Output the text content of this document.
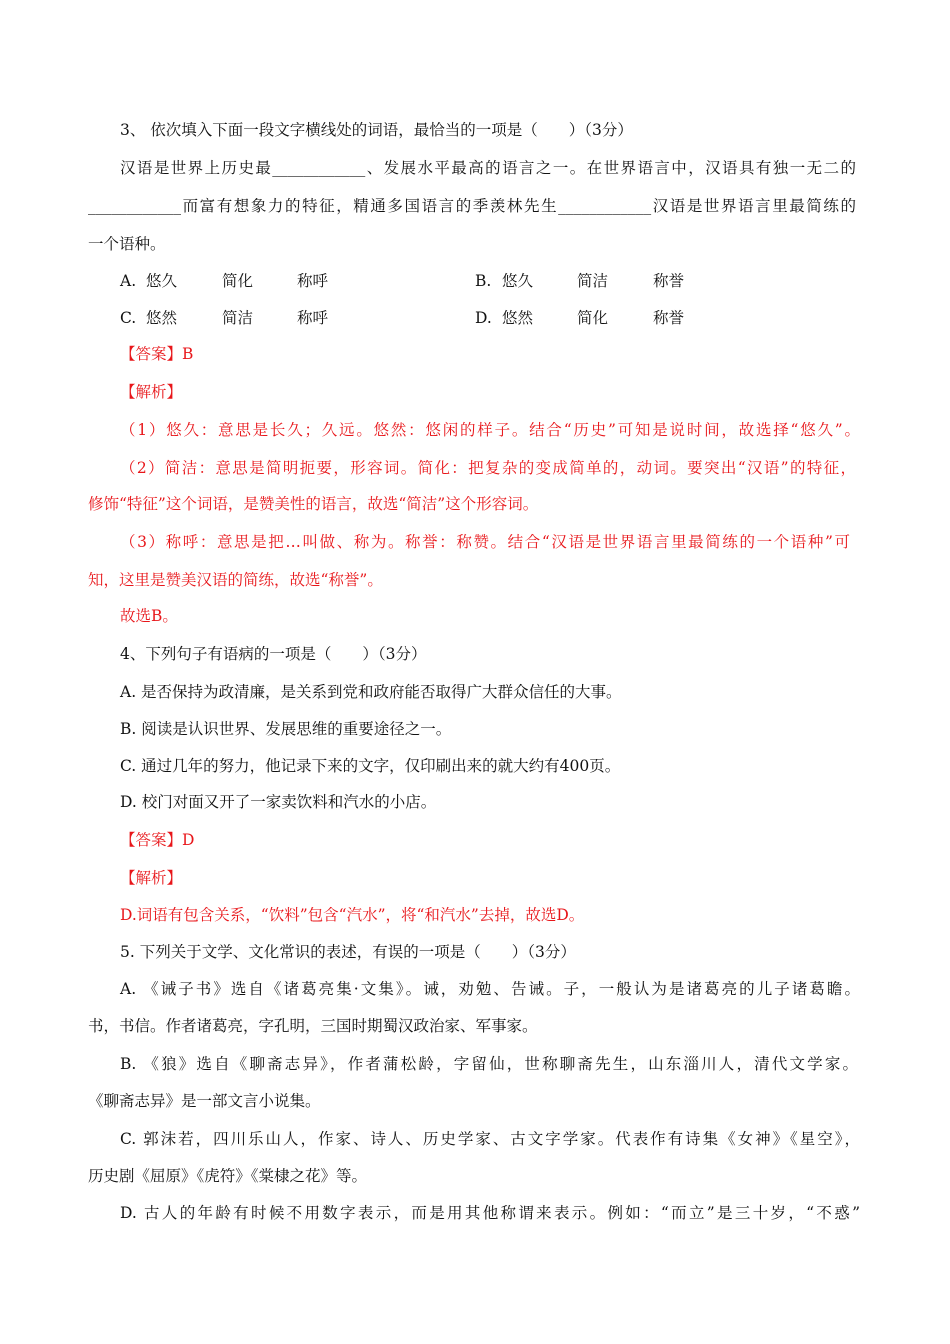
3、 依次填入下面一段文字横线处的词语，最恰当的一项是（　　）（3分）
汉语是世界上历史最____________、发展水平最高的语言之一。在世界语言中，汉语具有独一无二的
____________而富有想象力的特征，精通多国语言的季羡林先生____________汉语是世界语言里最简练的
一个语种。
A. 悠久	简化	称呼	B. 悠久	简洁	称誉
C. 悠然	简洁	称呼	D. 悠然	简化	称誉
【答案】B
【解析】
（1）悠久：意思是长久；久远。悠然：悠闲的样子。结合“历史”可知是说时间，故选择“悠久”。
（2）简洁：意思是简明扼要，形容词。简化：把复杂的变成简单的，动词。要突出“汉语”的特征，
修饰“特征”这个词语，是赞美性的语言，故选“简洁”这个形容词。
（3）称呼：意思是把…叫做、称为。称誉：称赞。结合“汉语是世界语言里最简练的一个语种”可
知，这里是赞美汉语的简练，故选“称誉”。
故选B。
4、下列句子有语病的一项是（　　）（3分）
A. 是否保持为政清廉，是关系到党和政府能否取得广大群众信任的大事。
B. 阅读是认识世界、发展思维的重要途径之一。
C. 通过几年的努力，他记录下来的文字，仅印刷出来的就大约有400页。
D. 校门对面又开了一家卖饮料和汽水的小店。
【答案】D
【解析】
D.词语有包含关系，“饮料”包含“汽水”，将“和汽水”去掉，故选D。
5. 下列关于文学、文化常识的表述，有误的一项是（　　）（3分）
A. 《诫子书》选自《诸葛亮集·文集》。诫，劝勉、告诫。子，一般认为是诸葛亮的儿子诸葛瞻。
书，书信。作者诸葛亮，字孔明，三国时期蜀汉政治家、军事家。
B. 《狼》选自《聊斋志异》，作者蒲松龄，字留仙，世称聊斋先生，山东淄川人，清代文学家。
《聊斋志异》是一部文言小说集。
C. 郭沫若，四川乐山人，作家、诗人、历史学家、古文字学家。代表作有诗集《女神》《星空》，
历史剧《屈原》《虎符》《棠棣之花》等。
D. 古人的年龄有时候不用数字表示，而是用其他称谓来表示。例如：“而立”是三十岁，“不惑”
